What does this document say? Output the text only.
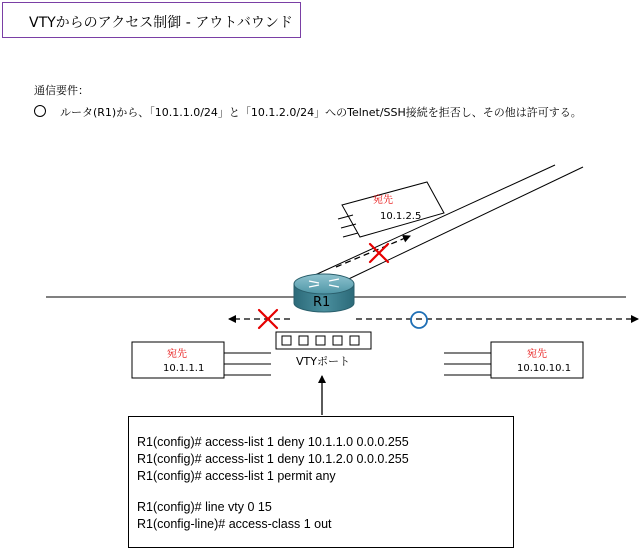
VTYからのアクセス制御 - アウトバウンド
通信要件：
ルータ(R1)から、「10.1.1.0/24」と「10.1.2.0/24」へのTelnet/SSH接続を拒否し、その他は許可する。
宛先
10.1.2.5
R1
VTYポート
宛先
10.1.1.1
宛先
10.10.10.1
R1(config)# access-list 1 deny 10.1.1.0 0.0.0.255
R1(config)# access-list 1 deny 10.1.2.0 0.0.0.255
R1(config)# access-list 1 permit any
R1(config)# line vty 0 15
R1(config-line)# access-class 1 out
